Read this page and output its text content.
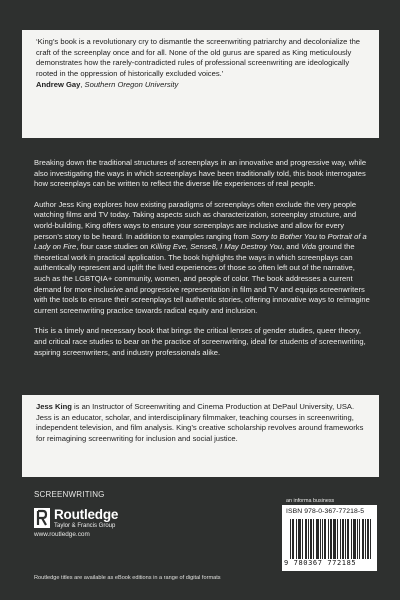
‘King’s book is a revolutionary cry to dismantle the screenwriting patriarchy and decolonialize the craft of the screenplay once and for all. None of the old gurus are spared as King meticulously demonstrates how the rarely-contradicted rules of professional screenwriting are ideologically rooted in the oppression of historically excluded voices.’

Andrew Gay, Southern Oregon University

Breaking down the traditional structures of screenplays in an innovative and progressive way, while also investigating the ways in which screenplays have been traditionally told, this book interrogates how screenplays can be written to reflect the diverse life experiences of real people.

Author Jess King explores how existing paradigms of screenplays often exclude the very people watching films and TV today. Taking aspects such as characterization, screenplay structure, and world-building, King offers ways to ensure your screenplays are inclusive and allow for every person’s story to be heard. In addition to examples ranging from Sorry to Bother You to Portrait of a Lady on Fire, four case studies on Killing Eve, Sense8, I May Destroy You, and Vida ground the theoretical work in practical application. The book highlights the ways in which screenplays can authentically represent and uplift the lived experiences of those so often left out of the narrative, such as the LGBTQIA+ community, women, and people of color. The book addresses a current demand for more inclusive and progressive representation in film and TV and equips screenwriters with the tools to ensure their screenplays tell authentic stories, offering innovative ways to reimagine current screenwriting practice towards radical equity and inclusion.

This is a timely and necessary book that brings the critical lenses of gender studies, queer theory, and critical race studies to bear on the practice of screenwriting, ideal for students of screenwriting, aspiring screenwriters, and industry professionals alike.

Jess King is an Instructor of Screenwriting and Cinema Production at DePaul University, USA. Jess is an educator, scholar, and interdisciplinary filmmaker, teaching courses in screenwriting, independent television, and film analysis. King’s creative scholarship revolves around frameworks for reimagining screenwriting for inclusion and social justice.

SCREENWRITING
Routledge
Taylor & Francis Group
www.routledge.com
an informa business
ISBN 978-0-367-77218-5
9 780367 772185
Routledge titles are available as eBook editions in a range of digital formats
